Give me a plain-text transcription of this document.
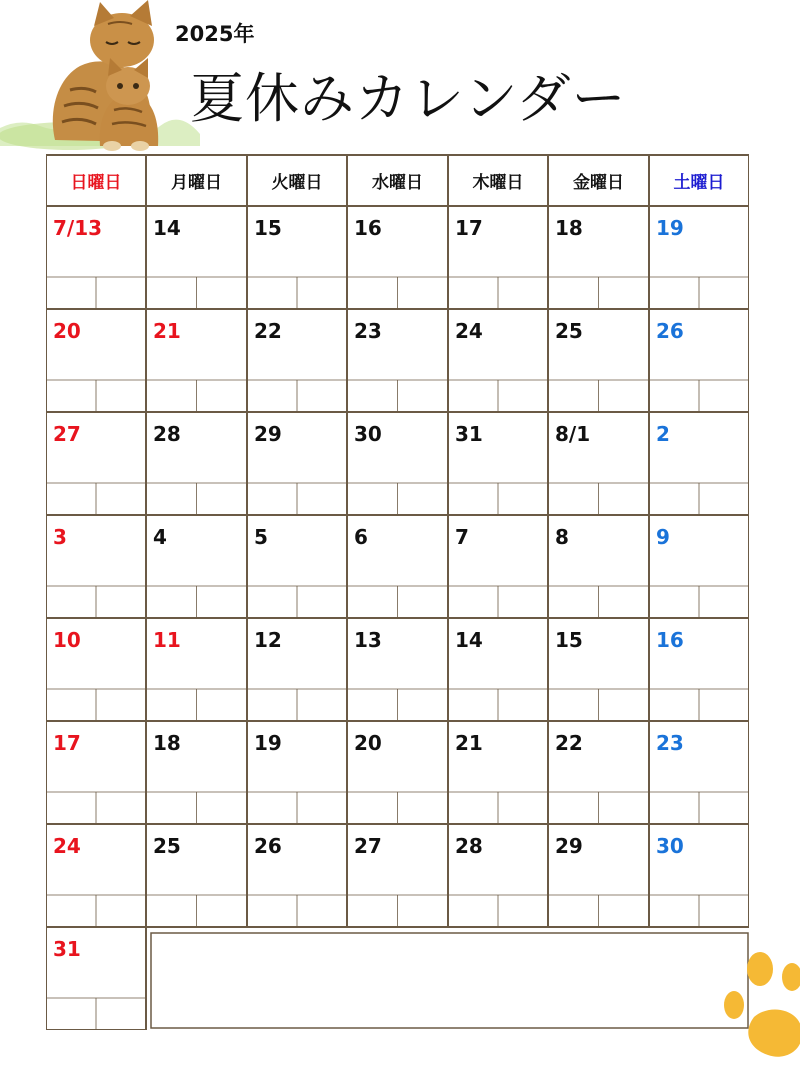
2025年
夏休みカレンダー
日曜日	月曜日	火曜日	水曜日	木曜日	金曜日	土曜日
7/13	14	15	16	17	18	19
20	21	22	23	24	25	26
27	28	29	30	31	8/1	2
3	4	5	6	7	8	9
10	11	12	13	14	15	16
17	18	19	20	21	22	23
24	25	26	27	28	29	30
31
